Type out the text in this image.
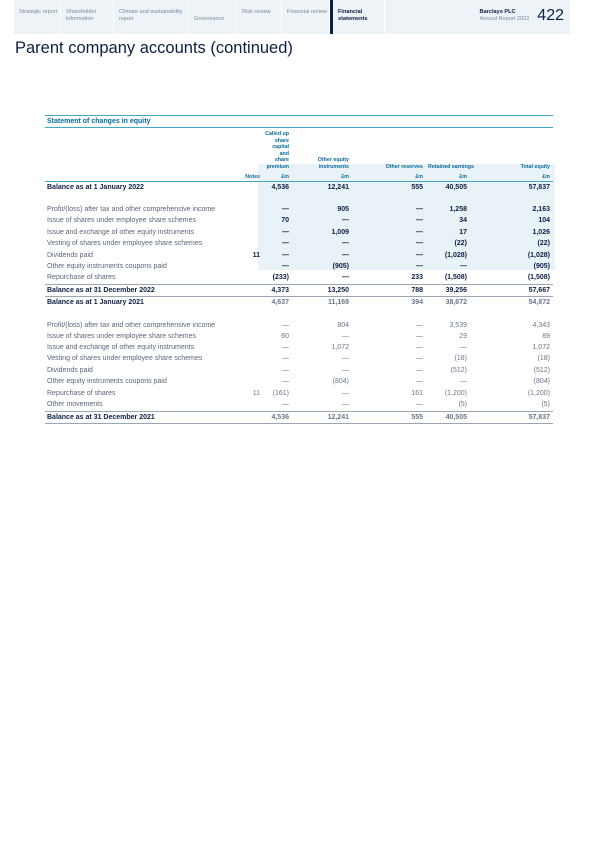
Strategic report	Shareholder information
Climate and sustainability report	Governance
Risk review	Financial review	Financial statements
Barclays PLC
Annual Report 2022 422
Parent company accounts (continued)
Statement of changes in equity
		Called up share capital and share premium	Other equity instruments	Other reserves	Retained earnings	Total equity
	Notes	£m	£m	£m	£m	£m
Balance as at 1 January 2022		4,536	12,241	555	40,505	57,837
Profit/(loss) after tax and other comprehensive income		—	905	—	1,258	2,163
Issue of shares under employee share schemes		70	—	—	34	104
Issue and exchange of other equity instruments		—	1,009	—	17	1,026
Vesting of shares under employee share schemes		—	—	—	(22)	(22)
Dividends paid	11	—	—	—	(1,028)	(1,028)
Other equity instruments coupons paid		—	(905)	—	—	(905)
Repurchase of shares		(233)	—	233	(1,508)	(1,508)
Balance as at 31 December 2022		4,373	13,250	788	39,256	57,667
Balance as at 1 January 2021		4,637	11,169	394	38,672	54,872
Profit/(loss) after tax and other comprehensive income		—	804	—	3,539	4,343
Issue of shares under employee share schemes		60	—	—	29	89
Issue and exchange of other equity instruments		—	1,072	—	—	1,072
Vesting of shares under employee share schemes		—	—	—	(18)	(18)
Dividends paid		—	—	—	(512)	(512)
Other equity instruments coupons paid		—	(804)	—	—	(804)
Repurchase of shares	11	(161)	—	161	(1,200)	(1,200)
Other movements		—	—	—	(5)	(5)
Balance as at 31 December 2021		4,536	12,241	555	40,505	57,837
